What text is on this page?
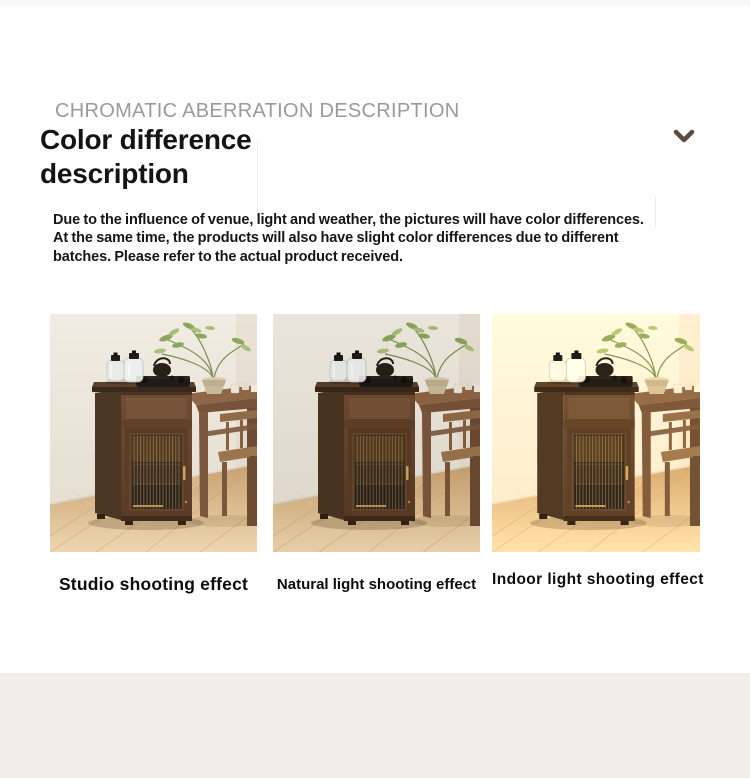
CHROMATIC ABERRATION DESCRIPTION
Color difference
description
Due to the influence of venue, light and weather, the pictures will have color differences. At the same time, the products will also have slight color differences due to different batches. Please refer to the actual product received.
Studio shooting effect	Natural light shooting effect Indoor light shooting effect
